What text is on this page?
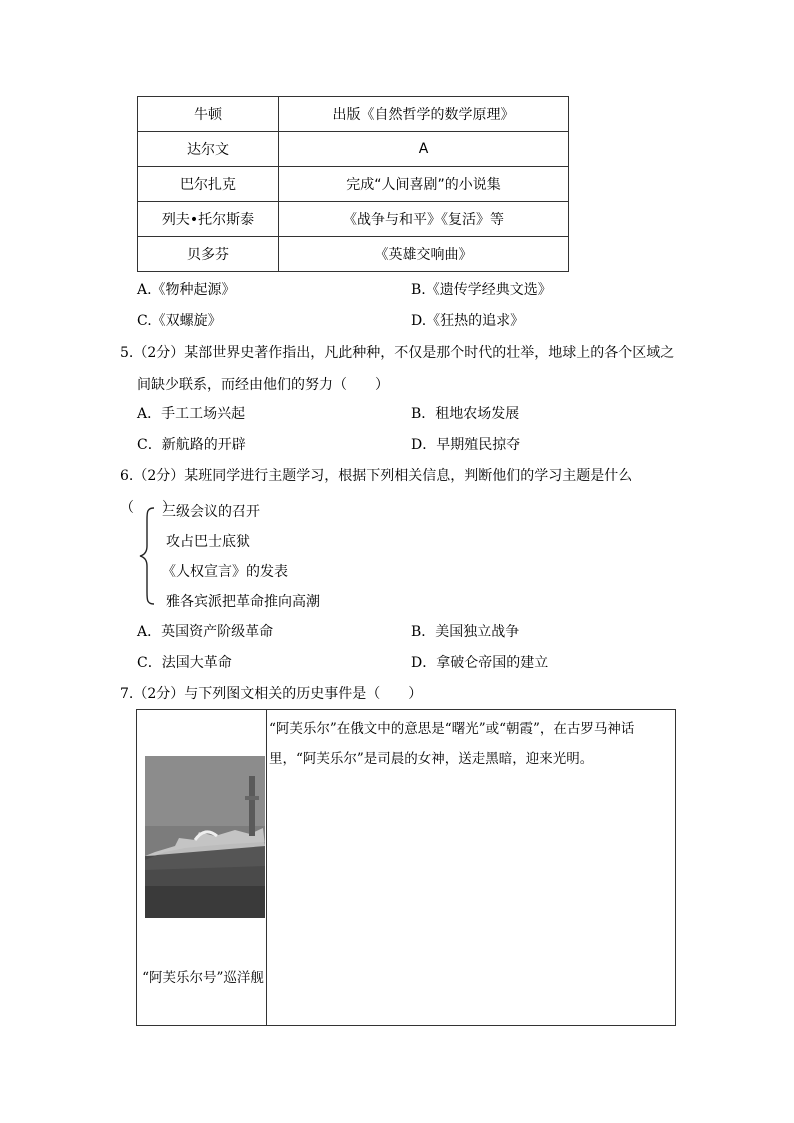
牛顿	出版《自然哲学的数学原理》
达尔文	A
巴尔扎克	完成“人间喜剧”的小说集
列夫•托尔斯泰	《战争与和平》《复活》等
贝多芬	《英雄交响曲》
A.《物种起源》	B.《遗传学经典文选》
C.《双螺旋》	D.《狂热的追求》

5.（2分）某部世界史著作指出，凡此种种，不仅是那个时代的壮举，地球上的各个区域之

间缺少联系，而经由他们的努力（　　）

A．手工工场兴起	B．租地农场发展
C．新航路的开辟	D．早期殖民掠夺

6.（2分）某班同学进行主题学习，根据下列相关信息，判断他们的学习主题是什么（　　）

三级会议的召开
攻占巴士底狱
《人权宣言》的发表
雅各宾派把革命推向高潮
A．英国资产阶级革命	B．美国独立战争
C．法国大革命	D．拿破仑帝国的建立

7.（2分）与下列图文相关的历史事件是（　　）

“阿芙乐尔号”巡洋舰
“阿芙乐尔”在俄文中的意思是“曙光”或“朝霞”，在古罗马神话
里，“阿芙乐尔”是司晨的女神，送走黑暗，迎来光明。
